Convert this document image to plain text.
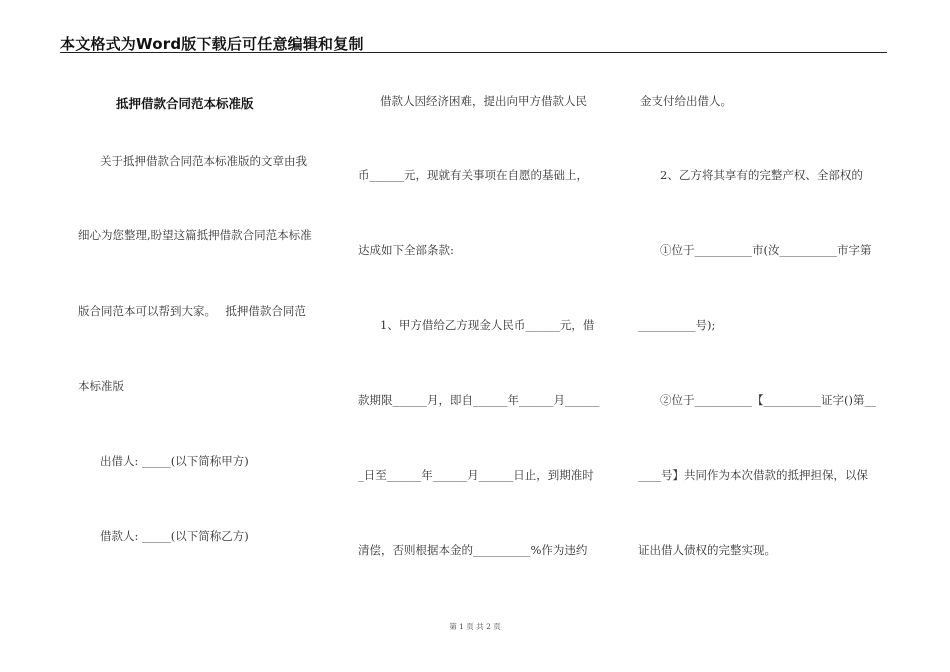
本文格式为Word版下载后可任意编辑和复制
抵押借款合同范本标准版
关于抵押借款合同范本标准版的文章由我
细心为您整理,盼望这篇抵押借款合同范本标准
版合同范本可以帮到大家。　 抵押借款合同范
本标准版
出借人: _____(以下简称甲方)
借款人: _____(以下简称乙方)
借款人因经济困难，提出向甲方借款人民
币______元，现就有关事项在自愿的基础上，
达成如下全部条款:
1、甲方借给乙方现金人民币______元，借
款期限______月，即自______年______月______
_日至______年______月______日止，到期准时
清偿，否则根据本金的__________%作为违约
金支付给出借人。
2、乙方将其享有的完整产权、全部权的
①位于__________市(汝__________市字第
__________号);
②位于__________【__________证字()第__
____号】共同作为本次借款的抵押担保，以保
证出借人债权的完整实现。
第 1 页 共 2 页
